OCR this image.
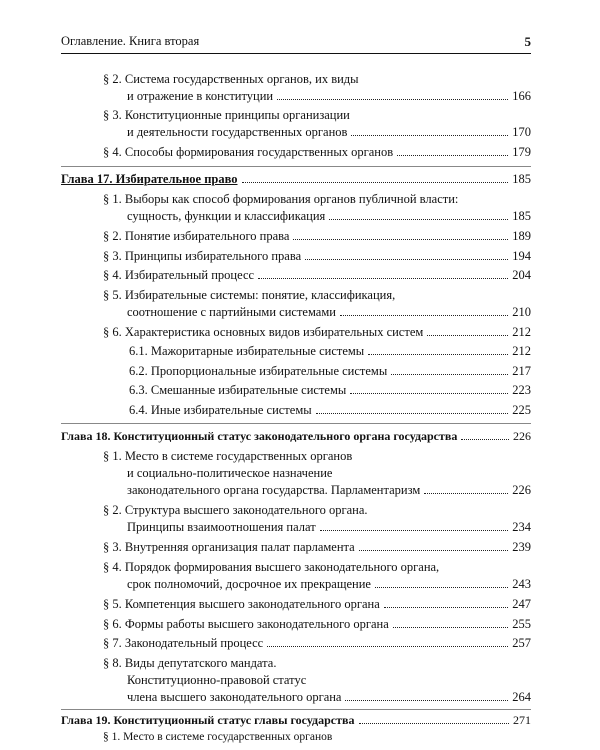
Оглавление. Книга вторая	5
§ 2. Система государственных органов, их виды
и отражение в конституции	166
§ 3. Конституционные принципы организации
и деятельности государственных органов	170
§ 4. Способы формирования государственных органов	179
Глава 17. Избирательное право	185
§ 1. Выборы как способ формирования органов публичной власти:
сущность, функции и классификация	185
§ 2. Понятие избирательного права	189
§ 3. Принципы избирательного права	194
§ 4. Избирательный процесс	204
§ 5. Избирательные системы: понятие, классификация,
соотношение с партийными системами	210
§ 6. Характеристика основных видов избирательных систем	212
6.1. Мажоритарные избирательные системы	212
6.2. Пропорциональные избирательные системы	217
6.3. Смешанные избирательные системы	223
6.4. Иные избирательные системы	225
Глава 18. Конституционный статус законодательного органа государства	226
§ 1. Место в системе государственных органов
и социально-политическое назначение
законодательного органа государства. Парламентаризм	226
§ 2. Структура высшего законодательного органа.
Принципы взаимоотношения палат	234
§ 3. Внутренняя организация палат парламента	239
§ 4. Порядок формирования высшего законодательного органа,
срок полномочий, досрочное их прекращение	243
§ 5. Компетенция высшего законодательного органа	247
§ 6. Формы работы высшего законодательного органа	255
§ 7. Законодательный процесс	257
§ 8. Виды депутатского мандата.
Конституционно-правовой статус
члена высшего законодательного органа	264
Глава 19. Конституционный статус главы государства	271
§ 1. Место в системе государственных органов
